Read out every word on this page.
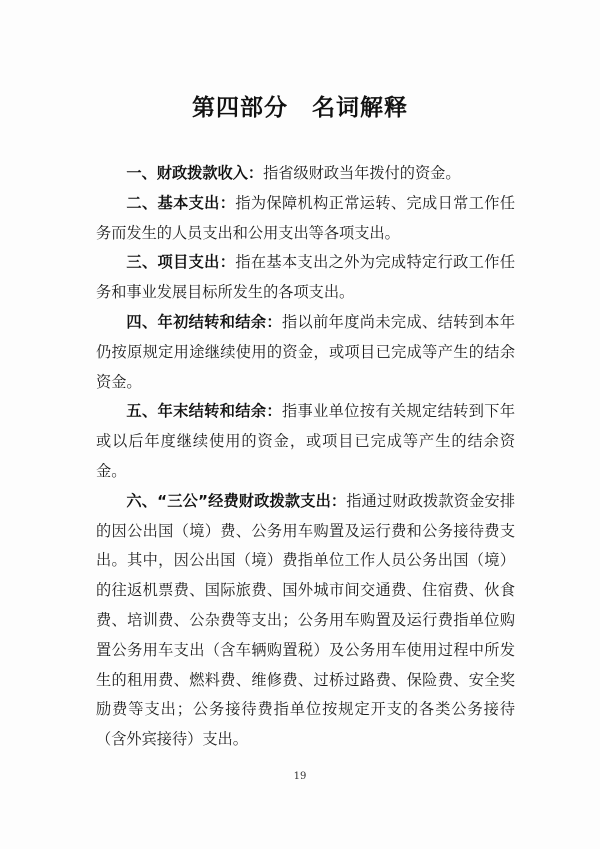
第四部分　名词解释

一、财政拨款收入：指省级财政当年拨付的资金。

二、基本支出：指为保障机构正常运转、完成日常工作任务而发生的人员支出和公用支出等各项支出。

三、项目支出：指在基本支出之外为完成特定行政工作任务和事业发展目标所发生的各项支出。

四、年初结转和结余：指以前年度尚未完成、结转到本年仍按原规定用途继续使用的资金，或项目已完成等产生的结余资金。

五、年末结转和结余：指事业单位按有关规定结转到下年或以后年度继续使用的资金，或项目已完成等产生的结余资金。

六、“三公”经费财政拨款支出：指通过财政拨款资金安排的因公出国（境）费、公务用车购置及运行费和公务接待费支出。其中，因公出国（境）费指单位工作人员公务出国（境）的往返机票费、国际旅费、国外城市间交通费、住宿费、伙食费、培训费、公杂费等支出；公务用车购置及运行费指单位购置公务用车支出（含车辆购置税）及公务用车使用过程中所发生的租用费、燃料费、维修费、过桥过路费、保险费、安全奖励费等支出；公务接待费指单位按规定开支的各类公务接待（含外宾接待）支出。

19
